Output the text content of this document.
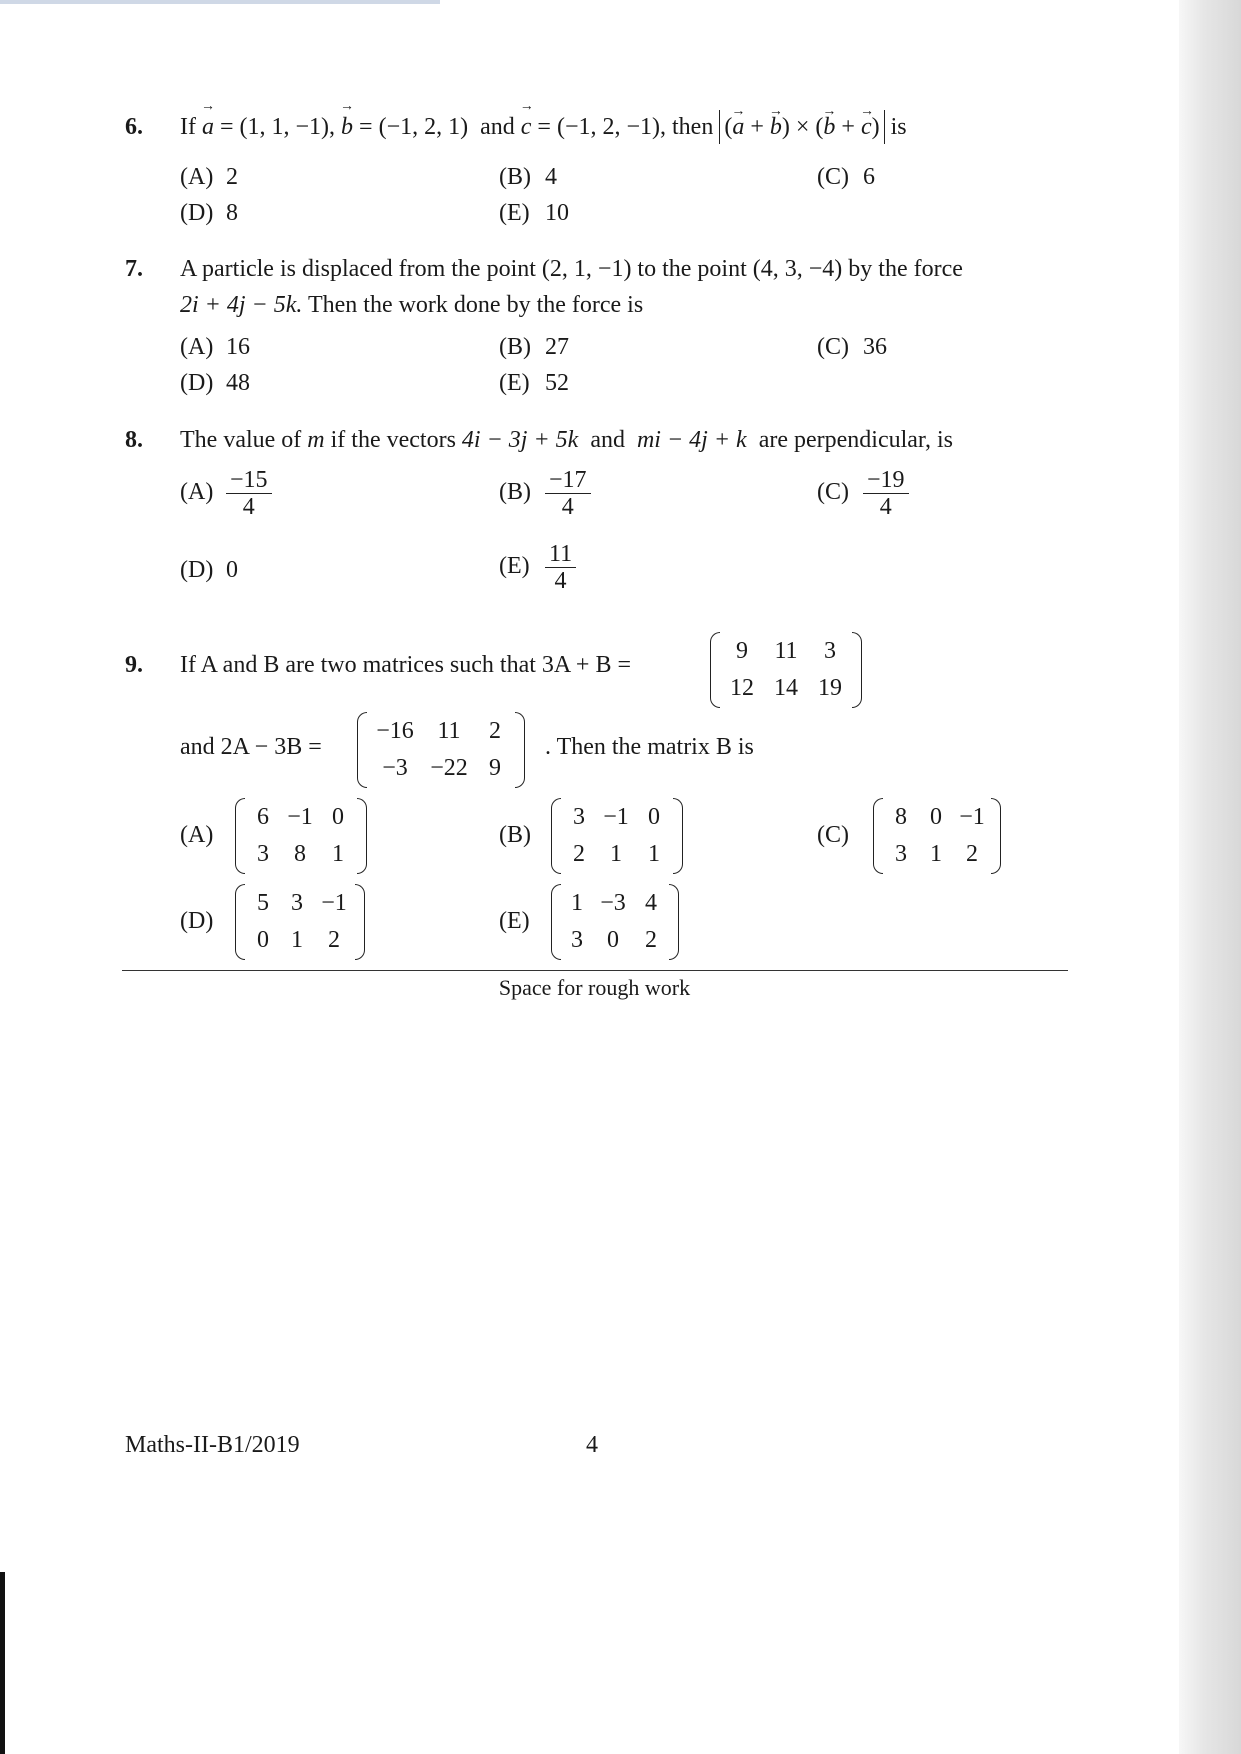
6. If a → = (1, 1, −1), b → = (−1, 2, 1) and c → = (−1, 2, −1), then (a → + b →) × (b → + c →) is
(A) 2	(B) 4	(C) 6
(D) 8	(E) 10
7. A particle is displaced from the point (2, 1, −1) to the point (4, 3, −4) by the force
2i + 4j − 5k. Then the work done by the force is
(A) 16	(B) 27	(C) 36
(D) 48	(E) 52
8. The value of m if the vectors 4i − 3j + 5k and mi − 4j + k are perpendicular, is
$(A) \frac{-15}{4}$	$(B) \frac{-17}{4}$	$(C) \frac{-19}{4}$
(D) 0	$(E) \frac{11}{4}$
9. If A and B are two matrices such that 3A + B =
9	11	3
12 14 19
and 2A − 3B =
−16 11	2
−3 −22 9
. Then the matrix B is
(A)
6 −1 0
3	8	1
(B)
3 −1 0
2	1	1
(C)
8 0 −1
3 1	2
(D)
5 3 −1
0 1	2
(E)
1 −3 4
3	0	2
Space for rough work
Maths-II-B1/2019	4
